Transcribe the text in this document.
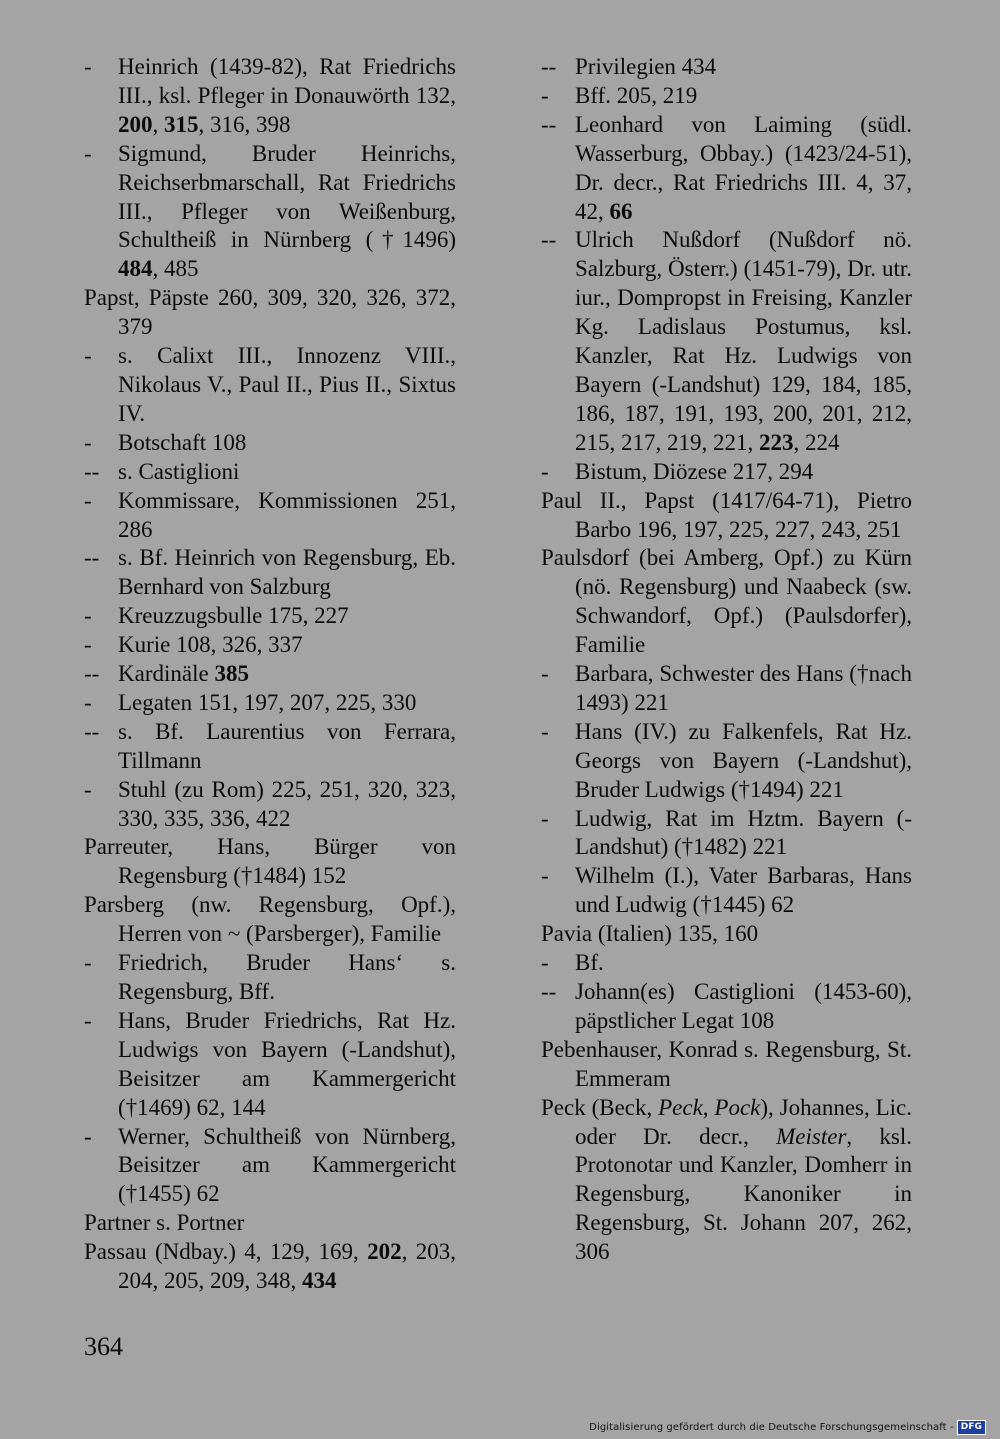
-	Heinrich (1439-82), Rat Friedrichs III., ksl. Pfleger in Donauwörth 132, 200, 315, 316, 398
-	Sigmund, Bruder Heinrichs, Reichserbmarschall, Rat Friedrichs III., Pfleger von Weißenburg, Schultheiß in Nürnberg (†1496) 484, 485
Papst, Päpste 260, 309, 320, 326, 372, 379
-	s. Calixt III., Innozenz VIII., Nikolaus V., Paul II., Pius II., Sixtus IV.
-	Botschaft 108
-- s. Castiglioni
-	Kommissare, Kommissionen 251, 286
-- s. Bf. Heinrich von Regensburg, Eb. Bernhard von Salzburg
-	Kreuzzugsbulle 175, 227
-	Kurie 108, 326, 337
-- Kardinäle 385
-	Legaten 151, 197, 207, 225, 330
-- s. Bf. Laurentius von Ferrara, Tillmann
-	Stuhl (zu Rom) 225, 251, 320, 323, 330, 335, 336, 422
Parreuter, Hans, Bürger von Regensburg (†1484) 152
Parsberg (nw. Regensburg, Opf.), Herren von ~ (Parsberger), Familie
-	Friedrich, Bruder Hans‘ s. Regensburg, Bff.
-	Hans, Bruder Friedrichs, Rat Hz. Ludwigs von Bayern (-Landshut), Beisitzer am Kammergericht (†1469) 62, 144
-	Werner, Schultheiß von Nürnberg, Beisitzer am Kammergericht (†1455) 62
Partner s. Portner
Passau (Ndbay.) 4, 129, 169, 202, 203, 204, 205, 209, 348, 434
-- Privilegien 434
-	Bff. 205, 219
-- Leonhard von Laiming (südl. Wasserburg, Obbay.) (1423/24-51), Dr. decr., Rat Friedrichs III. 4, 37, 42, 66
-- Ulrich Nußdorf (Nußdorf nö. Salzburg, Österr.) (1451-79), Dr. utr. iur., Dompropst in Freising, Kanzler Kg. Ladislaus Postumus, ksl. Kanzler, Rat Hz. Ludwigs von Bayern (-Landshut) 129, 184, 185, 186, 187, 191, 193, 200, 201, 212, 215, 217, 219, 221, 223, 224
-	Bistum, Diözese 217, 294
Paul II., Papst (1417/64-71), Pietro Barbo 196, 197, 225, 227, 243, 251
Paulsdorf (bei Amberg, Opf.) zu Kürn (nö. Regensburg) und Naabeck (sw. Schwandorf, Opf.) (Paulsdorfer), Familie
-	Barbara, Schwester des Hans (†nach 1493) 221
-	Hans (IV.) zu Falkenfels, Rat Hz. Georgs von Bayern (-Landshut), Bruder Ludwigs (†1494) 221
-	Ludwig, Rat im Hztm. Bayern (-Landshut) (†1482) 221
-	Wilhelm (I.), Vater Barbaras, Hans und Ludwig (†1445) 62
Pavia (Italien) 135, 160
-	Bf.
-- Johann(es) Castiglioni (1453-60), päpstlicher Legat 108
Pebenhauser, Konrad s. Regensburg, St. Emmeram
Peck (Beck, Peck, Pock), Johannes, Lic. oder Dr. decr., Meister, ksl. Protonotar und Kanzler, Domherr in Regensburg, Kanoniker in Regensburg, St. Johann 207, 262, 306
364
Digitalisierung gefördert durch die Deutsche Forschungsgemeinschaft - DFG
